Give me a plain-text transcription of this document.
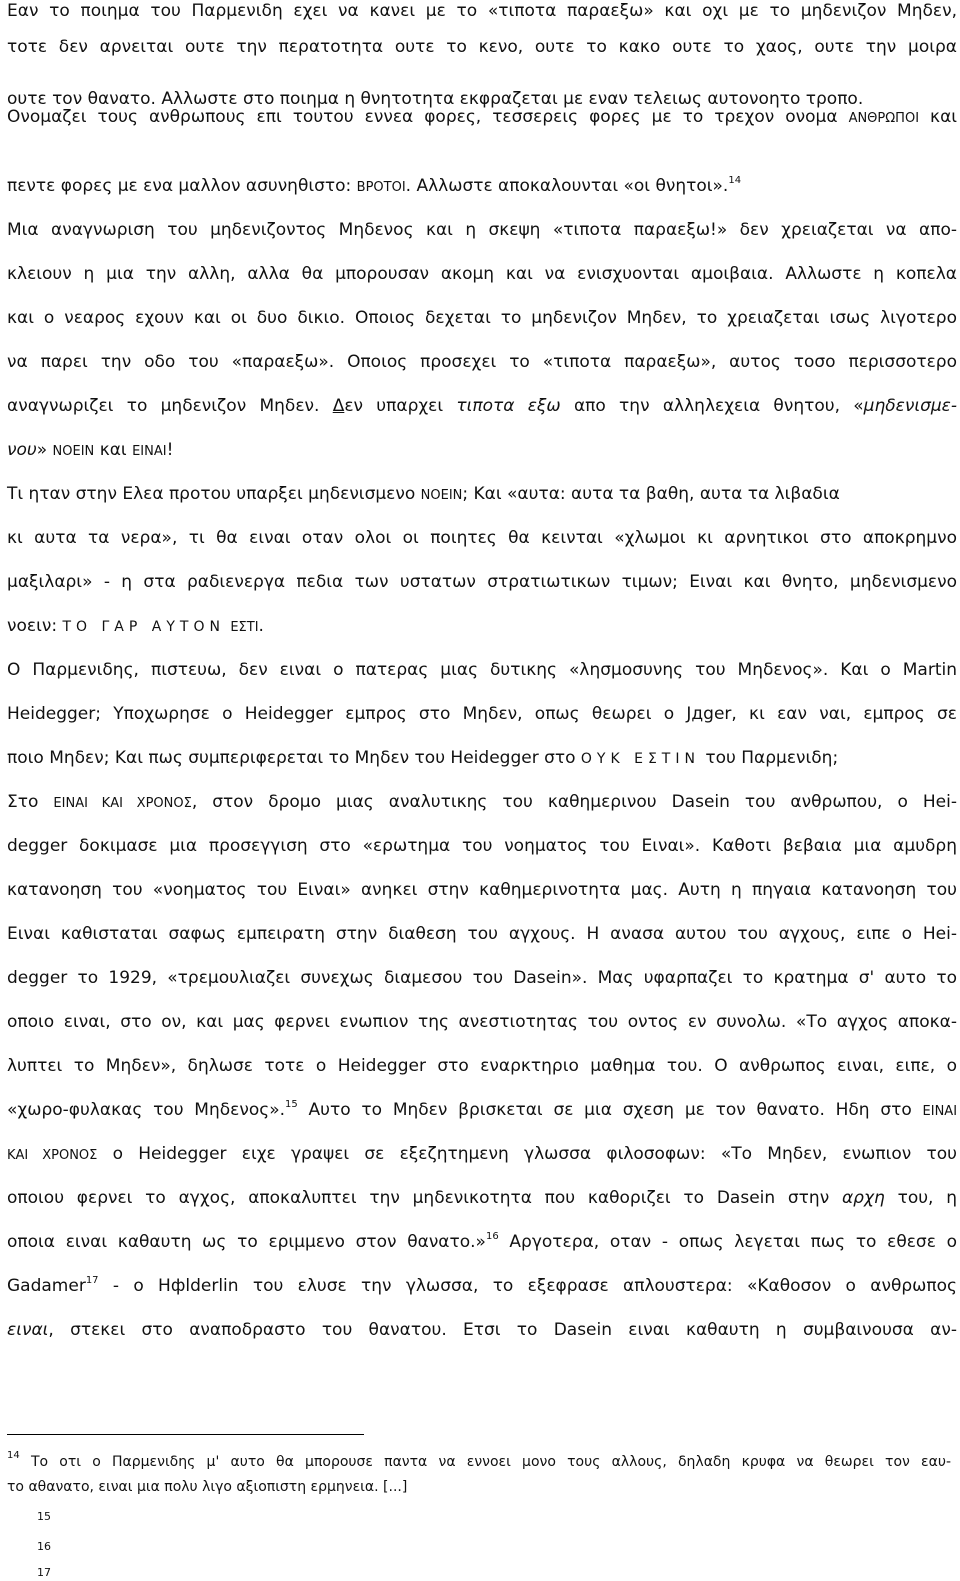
Εαν το ποιημα του Παρμενιδη εχει να κανει με το «τιποτα παραεξω» και οχι με το μηδενιζον Μηδεν,
τοτε δεν αρνειται ουτε την περατοτητα ουτε το κενο, ουτε το κακο ουτε το χαος, ουτε την μοιρα
ουτε τον θανατο. Αλλωστε στο ποιημα η θνητοτητα εκφραζεται με εναν τελειως αυτονοητο τροπο.
Ονομαζει τους ανθρωπους επι τουτου εννεα φορες, τεσσερεις φορες με το τρεχον ονομα ΑΝΘΡΩΠΟΙ και
πεντε φορες με ενα μαλλον ασυνηθιστο: ΒΡΟΤΟΙ. Αλλωστε αποκαλουνται «οι θνητοι».$^{14}$
Μια αναγνωριση του μηδενιζοντος Μηδενος και η σκεψη «τιποτα παραεξω!» δεν χρειαζεται να απο-
κλειουν η μια την αλλη, αλλα θα μπορουσαν ακομη και να ενισχυονται αμοιβαια. Αλλωστε η κοπελα
και ο νεαρος εχουν και οι δυο δικιο. Οποιος δεχεται το μηδενιζον Μηδεν, το χρειαζεται ισως λιγοτερο
να παρει την οδο του «παραεξω». Οποιος προσεχει το «τιποτα παραεξω», αυτος τοσο περισσοτερο
αναγνωριζει το μηδενιζον Μηδεν. Δεν υπαρχει τιποτα εξω απο την αλληλεχεια θνητου, «μηδενισμε-
νου» ΝΟΕΙΝ και ΕΙΝΑΙ!
Τι ηταν στην Ελεα προτου υπαρξει μηδενισμενο ΝΟΕΙΝ; Και «αυτα: αυτα τα βαθη, αυτα τα λιβαδια
κι αυτα τα νερα», τι θα ειναι οταν ολοι οι ποιητες θα κεινται «χλωμοι κι αρνητικοι στο αποκρημνο
μαξιλαρι» - η στα ραδιενεργα πεδια των υστατων στρατιωτικων τιμων; Ειναι και θνητο, μηδενισμενο
νοειν: ΤΟ ΓΑΡ ΑΥΤΟΝ ΕΣΤΙ.
Ο Παρμενιδης, πιστευω, δεν ειναι ο πατερας μιας δυτικης «λησμοσυνης του Μηδενος». Και ο Martin
Heidegger; Υποχωρησε ο Heidegger εμπρος στο Μηδεν, οπως θεωρει ο Jдger, κι εαν ναι, εμπρος σε
ποιο Μηδεν; Και πως συμπεριφερεται το Μηδεν του Heidegger στο ΟΥΚ ΕΣΤΙΝ του Παρμενιδη;
Στο ΕΙΝΑΙ ΚΑΙ ΧΡΟΝΟΣ, στον δρομο μιας αναλυτικης του καθημερινου Dasein του ανθρωπου, ο Hei-
degger δοκιμασε μια προσεγγιση στο «ερωτημα του νοηματος του Ειναι». Καθοτι βεβαια μια αμυδρη
κατανοηση του «νοηματος του Ειναι» ανηκει στην καθημερινοτητα μας. Αυτη η πηγαια κατανοηση του
Ειναι καθισταται σαφως εμπειρατη στην διαθεση του αγχους. Η ανασα αυτου του αγχους, ειπε ο Hei-
degger το 1929, «τρεμουλιαζει συνεχως διαμεσου του Dasein». Μας υφαρπαζει το κρατημα σ' αυτο το
οποιο ειναι, στο ον, και μας φερνει ενωπιον της ανεστιοτητας του οντος εν συνολω. «Το αγχος αποκα-
λυπτει το Μηδεν», δηλωσε τοτε ο Heidegger στο εναρκτηριο μαθημα του. Ο ανθρωπος ειναι, ειπε, ο
«χωρο-φυλακας του Μηδενος».$^{15}$ Αυτο το Μηδεν βρισκεται σε μια σχεση με τον θανατο. Ηδη στο ΕΙΝΑΙ
ΚΑΙ ΧΡΟΝΟΣ ο Heidegger ειχε γραψει σε εξεζητημενη γλωσσα φιλοσοφων: «Το Μηδεν, ενωπιον του
οποιου φερνει το αγχος, αποκαλυπτει την μηδενικοτητα που καθοριζει το Dasein στην αρχη του, η
οποια ειναι καθαυτη ως το εριμμενο στον θανατο.»$^{16}$ Αργοτερα, οταν - οπως λεγεται πως το εθεσε ο
Gadamer$^{17}$ - ο Hфlderlin του ελυσε την γλωσσα, το εξεφρασε απλουστερα: «Καθοσον ο ανθρωπος
ειναι, στεκει στο αναποδραστο του θανατου. Ετσι το Dasein ειναι καθαυτη η συμβαινουσα αν-
$^{14}$ Το οτι ο Παρμενιδης μ' αυτο θα μπορουσε παντα να εννοει μονο τους αλλους, δηλαδη κρυφα να θεωρει τον εαυ-
το αθανατο, ειναι μια πολυ λιγο αξιοπιστη ερμηνεια. [...]
15
16
17
